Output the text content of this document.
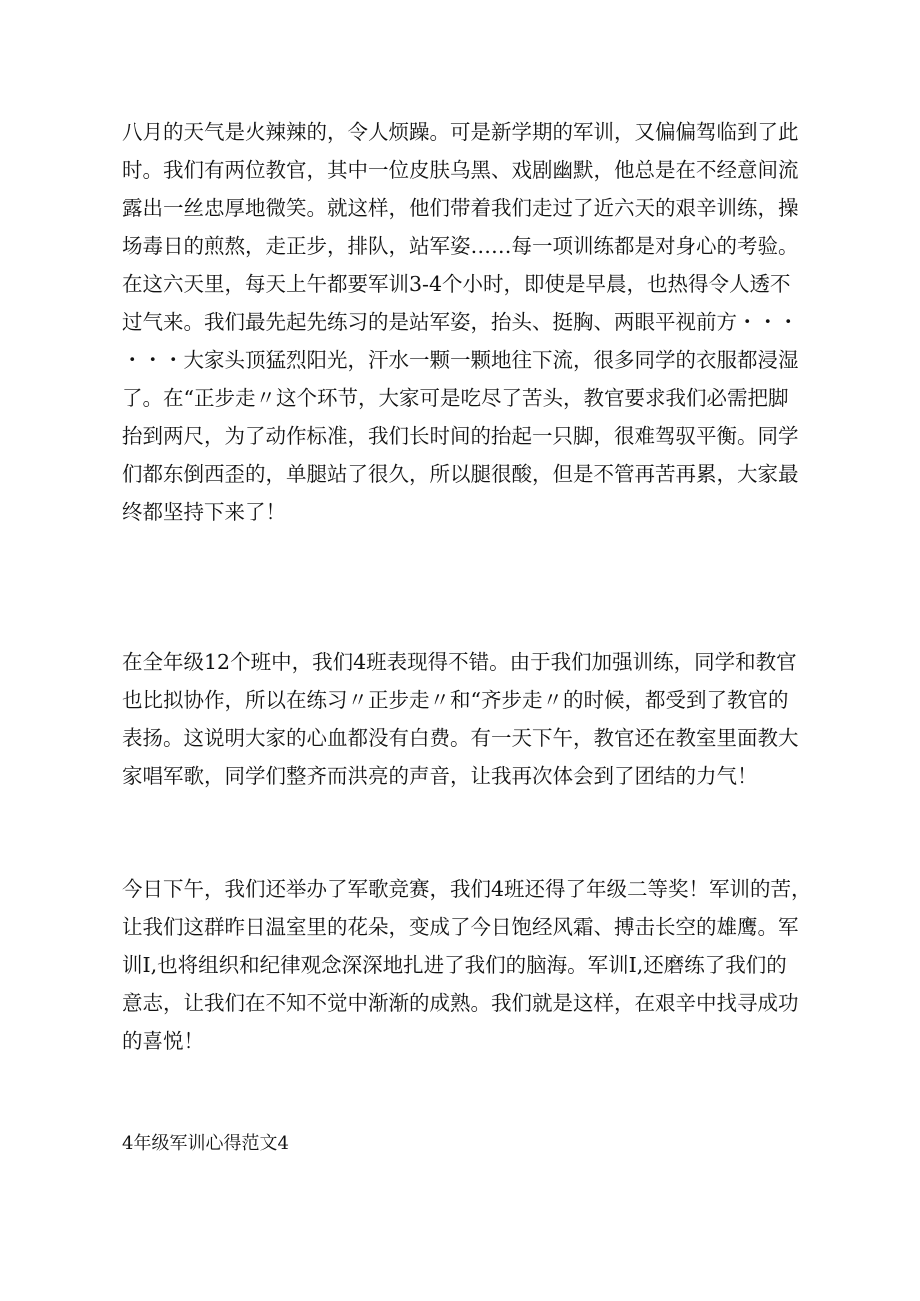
八月的天气是火辣辣的，令人烦躁。可是新学期的军训，又偏偏驾临到了此
时。我们有两位教官，其中一位皮肤乌黑、戏剧幽默，他总是在不经意间流
露出一丝忠厚地微笑。就这样，他们带着我们走过了近六天的艰辛训练，操
场毒日的煎熬，走正步，排队，站军姿……每一项训练都是对身心的考验。
在这六天里，每天上午都要军训3-4个小时，即使是早晨，也热得令人透不
过气来。我们最先起先练习的是站军姿，抬头、挺胸、两眼平视前方・・・
・・・大家头顶猛烈阳光，汗水一颗一颗地往下流，很多同学的衣服都浸湿
了。在“正步走〃这个环节，大家可是吃尽了苦头，教官要求我们必需把脚
抬到两尺，为了动作标准，我们长时间的抬起一只脚，很难驾驭平衡。同学
们都东倒西歪的，单腿站了很久，所以腿很酸，但是不管再苦再累，大家最
终都坚持下来了！
在全年级12个班中，我们4班表现得不错。由于我们加强训练，同学和教官
也比拟协作，所以在练习〃正步走〃和“齐步走〃的时候，都受到了教官的
表扬。这说明大家的心血都没有白费。有一天下午，教官还在教室里面教大
家唱军歌，同学们整齐而洪亮的声音，让我再次体会到了团结的力气！
今日下午，我们还举办了军歌竞赛，我们4班还得了年级二等奖！军训的苦，
让我们这群昨日温室里的花朵，变成了今日饱经风霜、搏击长空的雄鹰。军
训I,也将组织和纪律观念深深地扎进了我们的脑海。军训I,还磨练了我们的
意志，让我们在不知不觉中渐渐的成熟。我们就是这样，在艰辛中找寻成功
的喜悦！
4年级军训心得范文4
